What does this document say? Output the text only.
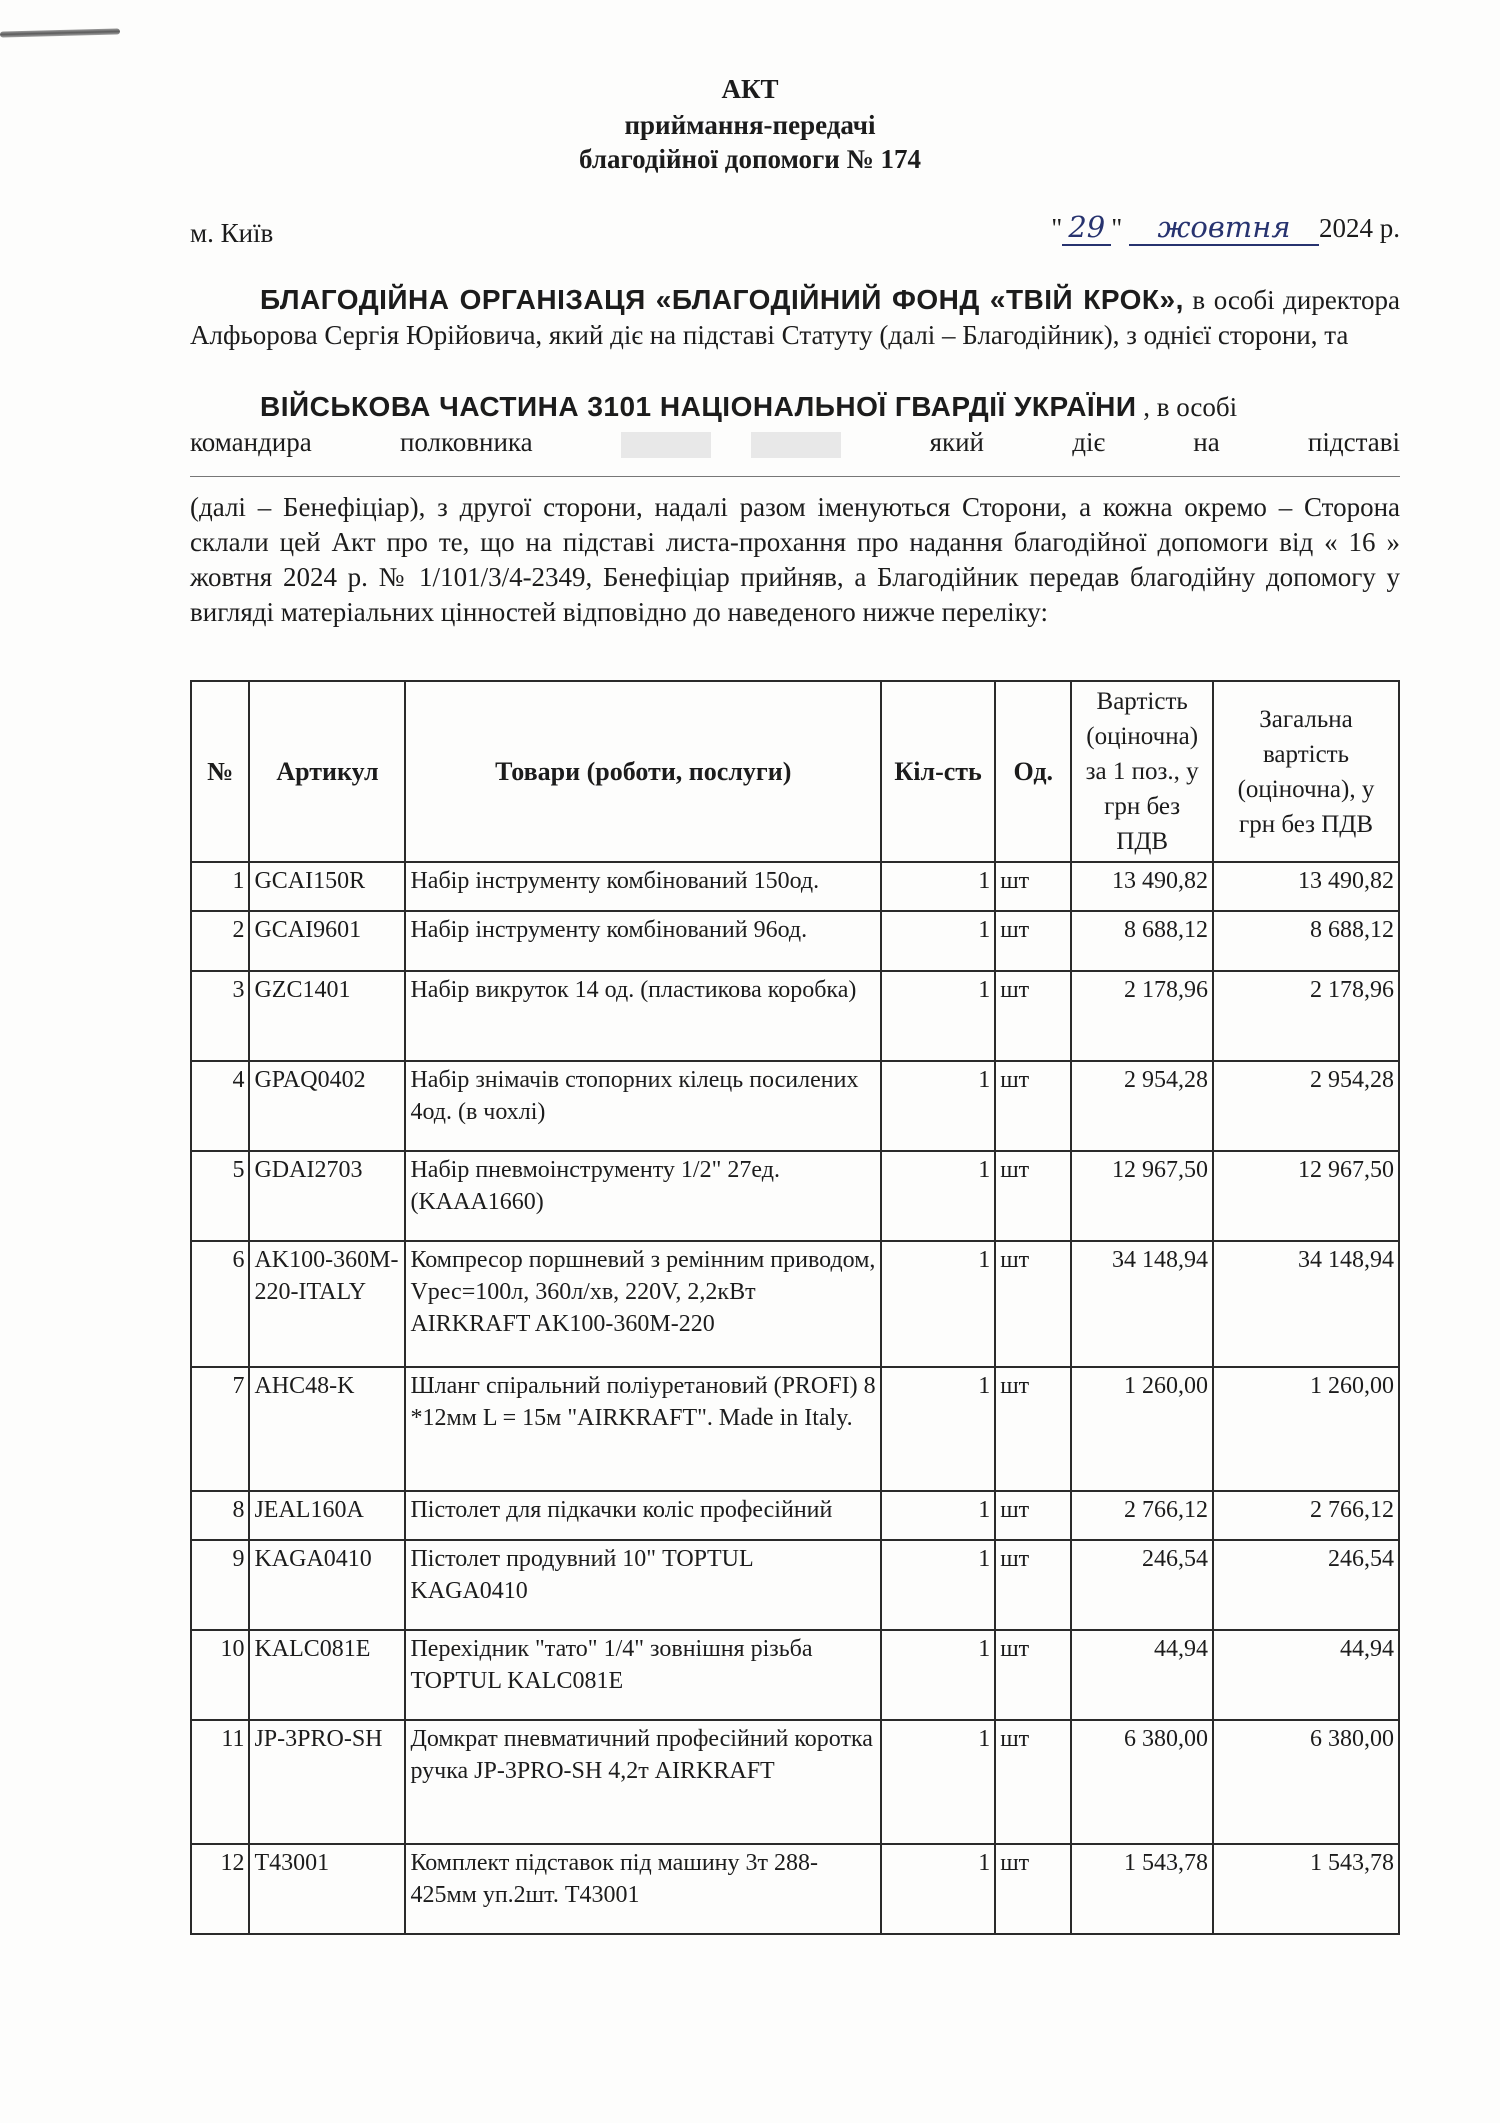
АКТ
приймання-передачі
благодійної допомоги № 174
м. Київ	" 29 " жовтня 2024 р.
БЛАГОДІЙНА ОРГАНІЗАЦЯ «БЛАГОДІЙНИЙ ФОНД «ТВІЙ КРОК», в особі директора Алфьорова Сергія Юрійовича, який діє на підставі Статуту (далі – Благодійник), з однієї сторони, та
ВІЙСЬКОВА ЧАСТИНА 3101 НАЦІОНАЛЬНОЇ ГВАРДІЇ УКРАЇНИ , в особі
командира	полковника
	який	діє	на	підставі
(далі – Бенефіціар), з другої сторони, надалі разом іменуються Сторони, а кожна окремо – Сторона склали цей Акт про те, що на підставі листа-прохання про надання благодійної допомоги від « 16 » жовтня 2024 р. № 1/101/3/4-2349, Бенефіціар прийняв, а Благодійник передав благодійну допомогу у вигляді матеріальних цінностей відповідно до наведеного нижче переліку:
№	Артикул	Товари (роботи, послуги)	Кіл-сть	Од.	Вартість (оціночна) за 1 поз., у грн без ПДВ	Загальна вартість (оціночна), у грн без ПДВ
1	GCAI150R	Набір інструменту комбінований 150од.	1	шт	13 490,82	13 490,82
2	GCAI9601	Набір інструменту комбінований 96од.	1	шт	8 688,12	8 688,12
3	GZC1401	Набір викруток 14 од. (пластикова коробка)	1	шт	2 178,96	2 178,96
4	GPAQ0402	Набір знімачів стопорних кілець посилених 4од. (в чохлі)	1	шт	2 954,28	2 954,28
5	GDAI2703	Набір пневмоінструменту 1/2" 27ед. (KAAA1660)	1	шт	12 967,50	12 967,50
6	AK100-360M-220-ITALY	Компресор поршневий з ремінним приводом, Vрес=100л, 360л/хв, 220V, 2,2кВт AIRKRAFT AK100-360M-220	1	шт	34 148,94	34 148,94
7	AHC48-K	Шланг спіральний поліуретановий (PROFI) 8 *12мм L = 15м "AIRKRAFT". Made in Italy.	1	шт	1 260,00	1 260,00
8	JEAL160A	Пістолет для підкачки коліс професійний	1	шт	2 766,12	2 766,12
9	KAGA0410	Пістолет продувний 10" TOPTUL KAGA0410	1	шт	246,54	246,54
10	KALC081E	Перехідник "тато" 1/4" зовнішня різьба TOPTUL KALC081E	1	шт	44,94	44,94
11	JP-3PRO-SH	Домкрат пневматичний професійний коротка ручка JP-3PRO-SH 4,2т AIRKRAFT	1	шт	6 380,00	6 380,00
12	T43001	Комплект підставок під машину 3т 288-425мм уп.2шт. T43001	1	шт	1 543,78	1 543,78
